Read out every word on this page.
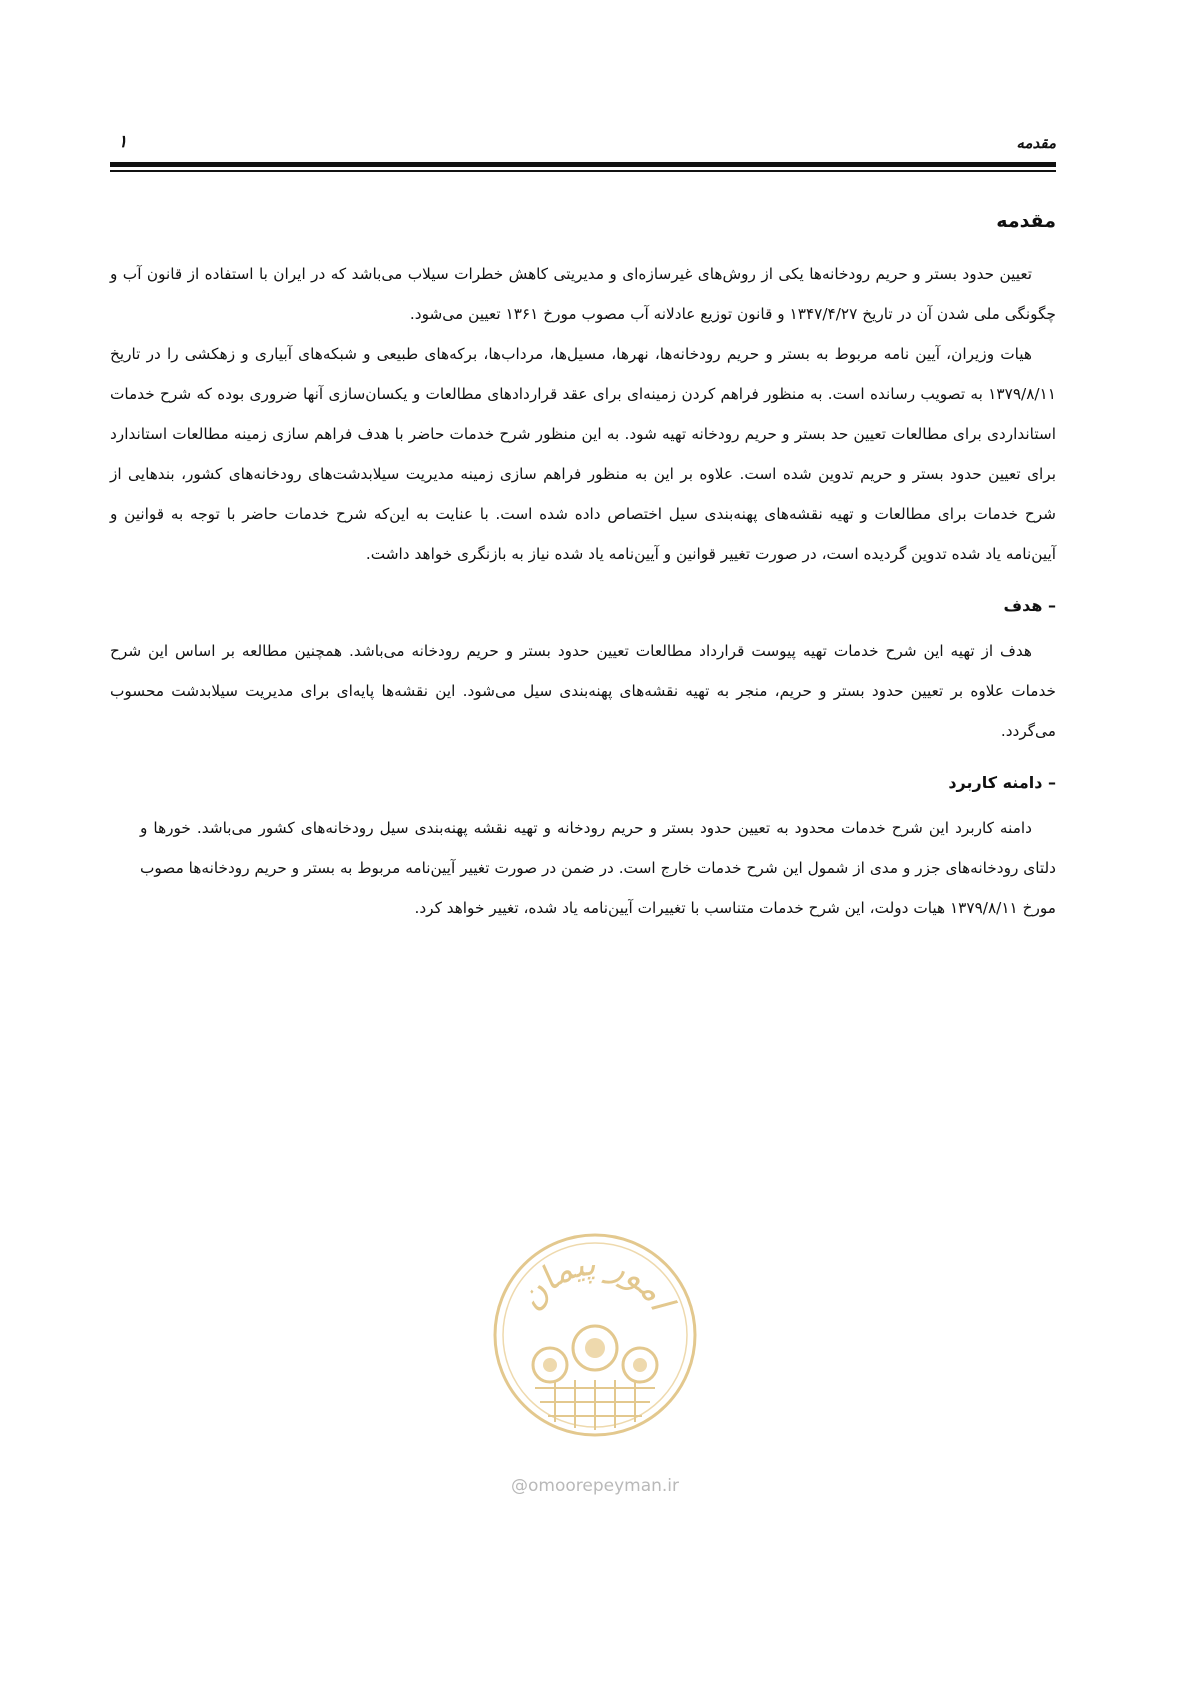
مقدمه
۱
مقدمه

تعیین حدود بستر و حریم رودخانه‌ها یکی از روش‌های غیرسازه‌ای و مدیریتی کاهش خطرات سیلاب می‌باشد که در ایران با استفاده از قانون آب و چگونگی ملی شدن آن در تاریخ ۱۳۴۷/۴/۲۷ و قانون توزیع عادلانه آب مصوب مورخ ۱۳۶۱ تعیین می‌شود.

هیات وزیران، آیین نامه مربوط به بستر و حریم رودخانه‌ها، نهرها، مسیل‌ها، مرداب‌ها، برکه‌های طبیعی و شبکه‌های آبیاری و زهکشی را در تاریخ ۱۳۷۹/۸/۱۱ به تصویب رسانده است. به منظور فراهم کردن زمینه‌ای برای عقد قراردادهای مطالعات و یکسان‌سازی آنها ضروری بوده که شرح خدمات استانداردی برای مطالعات تعیین حد بستر و حریم رودخانه تهیه شود. به این منظور شرح خدمات حاضر با هدف فراهم سازی زمینه مطالعات استاندارد برای تعیین حدود بستر و حریم تدوین شده است. علاوه بر این به منظور فراهم سازی زمینه مدیریت سیلابدشت‌های رودخانه‌های کشور، بندهایی از شرح خدمات برای مطالعات و تهیه نقشه‌های پهنه‌بندی سیل اختصاص داده شده است. با عنایت به این‌که شرح خدمات حاضر با توجه به قوانین و آیین‌نامه یاد شده تدوین گردیده است، در صورت تغییر قوانین و آیین‌نامه یاد شده نیاز به بازنگری خواهد داشت.

– هدف

هدف از تهیه این شرح خدمات تهیه پیوست قرارداد مطالعات تعیین حدود بستر و حریم رودخانه می‌باشد. همچنین مطالعه بر اساس این شرح خدمات علاوه بر تعیین حدود بستر و حریم، منجر به تهیه نقشه‌های پهنه‌بندی سیل می‌شود. این نقشه‌ها پایه‌ای برای مدیریت سیلابدشت محسوب می‌گردد.

– دامنه کاربرد

دامنه کاربرد این شرح خدمات محدود به تعیین حدود بستر و حریم رودخانه و تهیه نقشه پهنه‌بندی سیل رودخانه‌های کشور می‌باشد. خورها و دلتای رودخانه‌های جزر و مدی از شمول این شرح خدمات خارج است. در ضمن در صورت تغییر آیین‌نامه مربوط به بستر و حریم رودخانه‌ها مصوب مورخ ۱۳۷۹/۸/۱۱ هیات دولت، این شرح خدمات متناسب با تغییرات آیین‌نامه یاد شده، تغییر خواهد کرد.

امور پیمان
@omoorepeyman.ir
